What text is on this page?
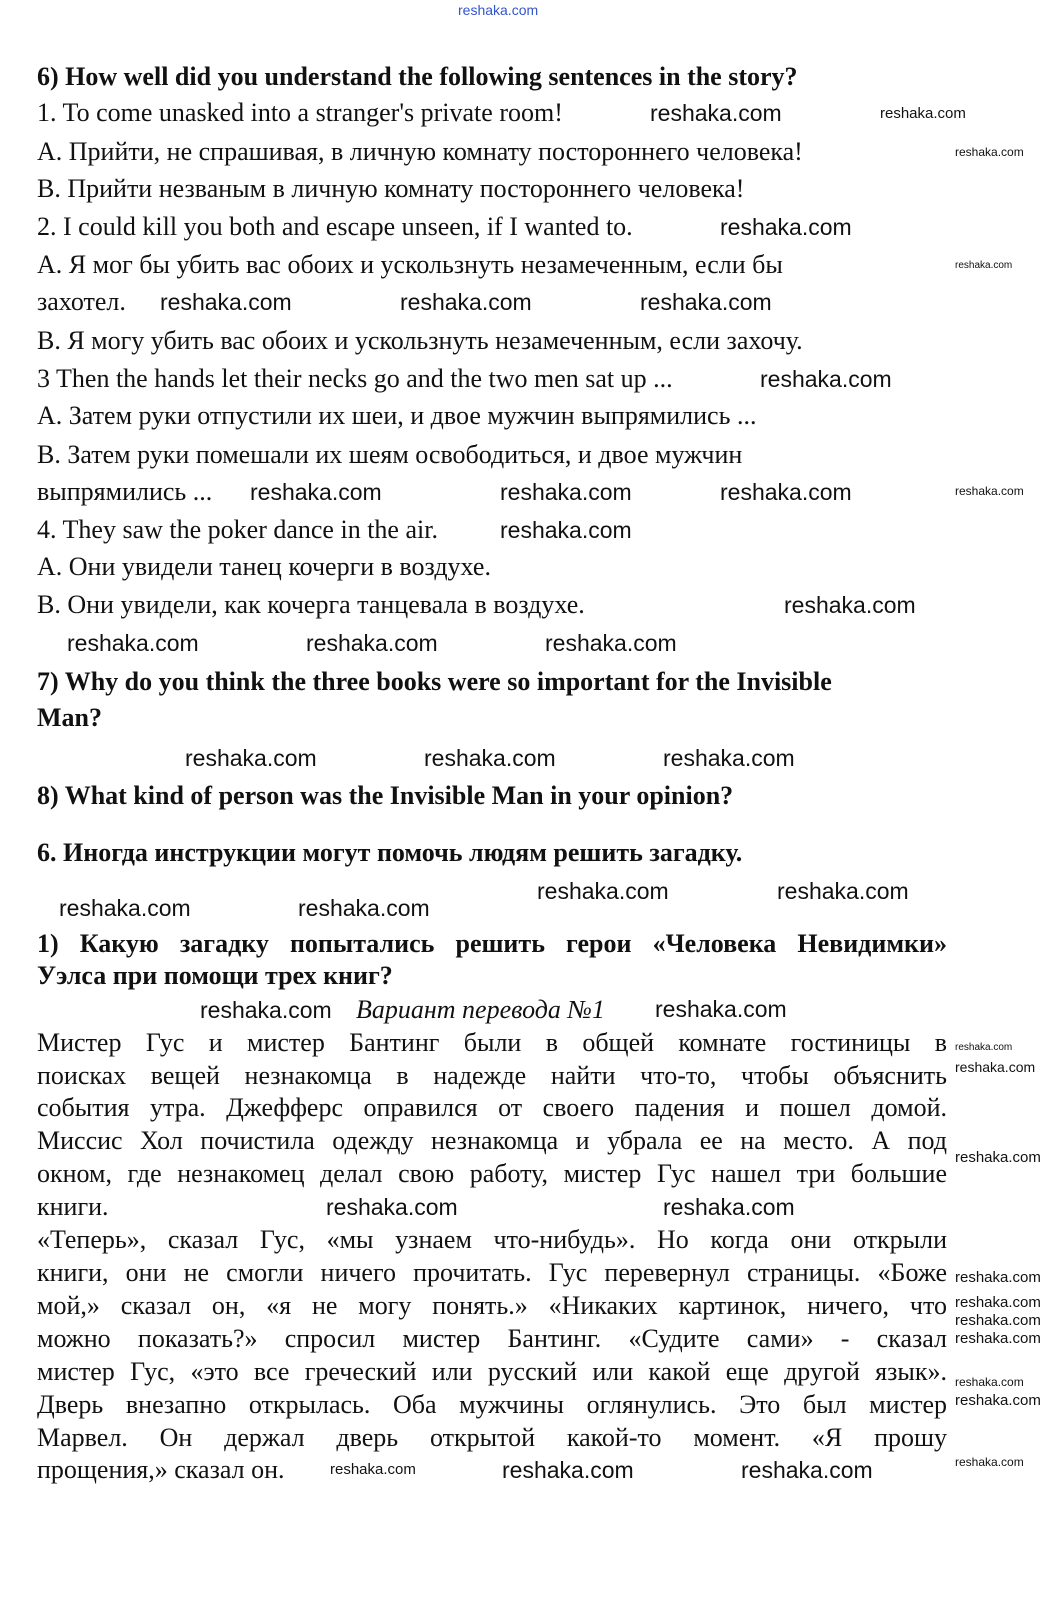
reshaka.com
6) How well did you understand the following sentences in the story?
1. To come unasked into a stranger's private room!
A. Прийти, не спрашивая, в личную комнату постороннего человека!
B. Прийти незваным в личную комнату постороннего человека!
2. I could kill you both and escape unseen, if I wanted to.
A. Я мог бы убить вас обоих и ускользнуть незамеченным, если бы
захотел.
B. Я могу убить вас обоих и ускользнуть незамеченным, если захочу.
3 Then the hands let their necks go and the two men sat up ...
A. Затем руки отпустили их шеи, и двое мужчин выпрямились ...
B. Затем руки помешали их шеям освободиться, и двое мужчин
выпрямились ...
4. They saw the poker dance in the air.
A. Они увидели танец кочерги в воздухе.
B. Они увидели, как кочерга танцевала в воздухе.
7) Why do you think the three books were so important for the Invisible
Man?
8) What kind of person was the Invisible Man in your opinion?
6. Иногда инструкции могут помочь людям решить загадку.
1) Какую загадку попытались решить герои «Человека Невидимки»
Уэлса при помощи трех книг?
Вариант перевода №1
Мистер Гус и мистер Бантинг были в общей комнате гостиницы в
поисках вещей незнакомца в надежде найти что-то, чтобы объяснить
события утра. Джефферс оправился от своего падения и пошел домой.
Миссис Хол почистила одежду незнакомца и убрала ее на место. А под
окном, где незнакомец делал свою работу, мистер Гус нашел три большие
книги.
«Теперь», сказал Гус, «мы узнаем что-нибудь». Но когда они открыли
книги, они не смогли ничего прочитать. Гус перевернул страницы. «Боже
мой,» сказал он, «я не могу понять.» «Никаких картинок, ничего, что
можно показать?» спросил мистер Бантинг. «Судите сами» - сказал
мистер Гус, «это все греческий или русский или какой еще другой язык».
Дверь внезапно открылась. Оба мужчины оглянулись. Это был мистер
Марвел. Он держал дверь открытой какой-то момент. «Я прошу
прощения,» сказал он.
reshaka.com	reshaka.com
reshaka.com
reshaka.com
reshaka.com
reshaka.com	reshaka.com	reshaka.com
reshaka.com
reshaka.com	reshaka.com	reshaka.com	reshaka.com
reshaka.com
reshaka.com
reshaka.com	reshaka.com	reshaka.com
reshaka.com	reshaka.com	reshaka.com
reshaka.com	reshaka.com
reshaka.com	reshaka.com
reshaka.com
reshaka.com
reshaka.com
reshaka.com
reshaka.com
reshaka.com	reshaka.com
reshaka.com
reshaka.com
reshaka.com
reshaka.com
reshaka.com
reshaka.com
reshaka.com
reshaka.com	reshaka.com	reshaka.com
